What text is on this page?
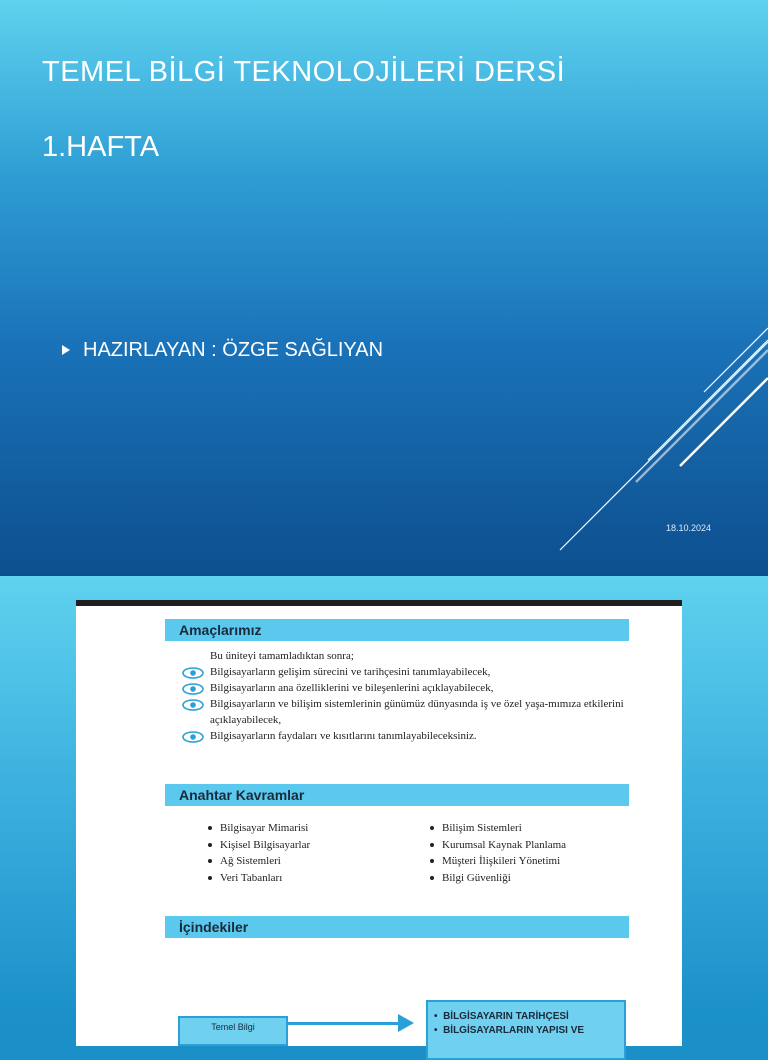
TEMEL BİLGİ TEKNOLOJİLERİ DERSİ
1.HAFTA
HAZIRLAYAN : ÖZGE SAĞLIYAN
18.10.2024
Amaçlarımız
Bu üniteyi tamamladıktan sonra;
Bilgisayarların gelişim sürecini ve tarihçesini tanımlayabilecek,
Bilgisayarların ana özelliklerini ve bileşenlerini açıklayabilecek,
Bilgisayarların ve bilişim sistemlerinin günümüz dünyasında iş ve özel yaşa-mımıza etkilerini açıklayabilecek,
Bilgisayarların faydaları ve kısıtlarını tanımlayabileceksiniz.
Anahtar Kavramlar
Bilgisayar Mimarisi
Kişisel Bilgisayarlar
Ağ Sistemleri
Veri Tabanları
Bilişim Sistemleri
Kurumsal Kaynak Planlama
Müşteri İlişkileri Yönetimi
Bilgi Güvenliği
İçindekiler
Temel Bilgi
•  BİLGİSAYARIN TARİHÇESİ
•  BİLGİSAYARLARIN YAPISI VE
